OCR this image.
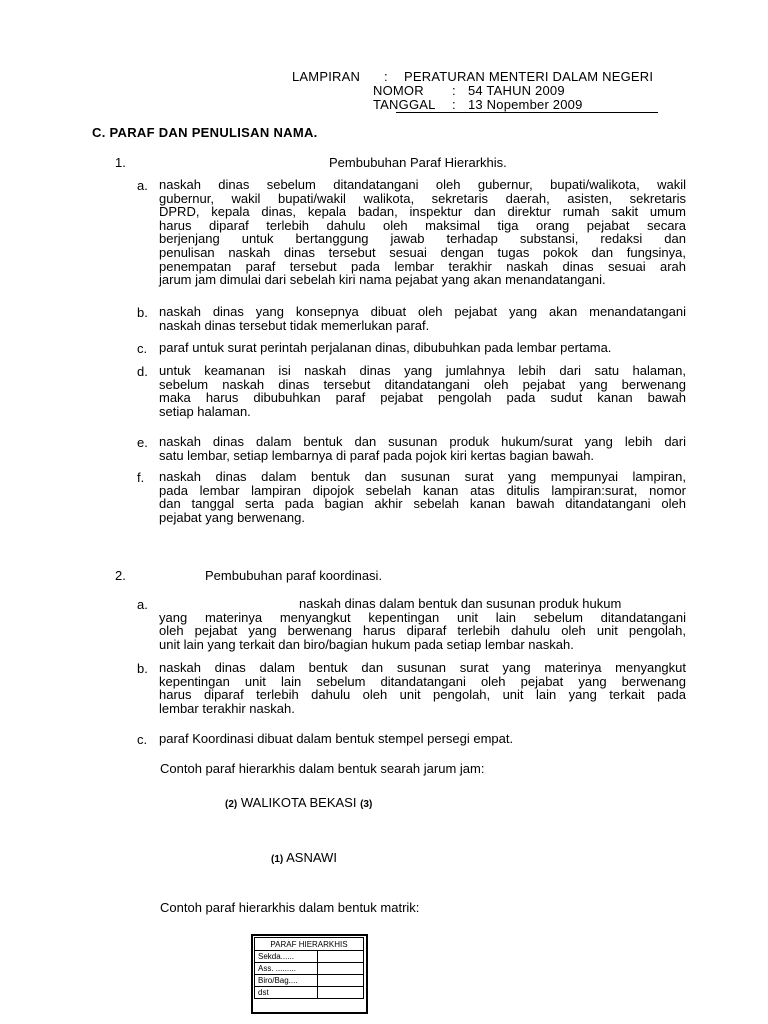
LAMPIRAN : PERATURAN MENTERI DALAM NEGERI
NOMOR : 54 TAHUN 2009
TANGGAL : 13 Nopember 2009
C. PARAF DAN PENULISAN NAMA.
1.	Pembubuhan Paraf Hierarkhis.
a. naskah dinas sebelum ditandatangani oleh gubernur, bupati/walikota, wakil
gubernur, wakil bupati/wakil walikota, sekretaris daerah, asisten, sekretaris
DPRD, kepala dinas, kepala badan, inspektur dan direktur rumah sakit umum
harus diparaf terlebih dahulu oleh maksimal tiga orang pejabat secara
berjenjang untuk bertanggung jawab terhadap substansi, redaksi dan
penulisan naskah dinas tersebut sesuai dengan tugas pokok dan fungsinya,
penempatan paraf tersebut pada lembar terakhir naskah dinas sesuai arah
jarum jam dimulai dari sebelah kiri nama pejabat yang akan menandatangani.
b. naskah dinas yang konsepnya dibuat oleh pejabat yang akan menandatangani
naskah dinas tersebut tidak memerlukan paraf.
c. paraf untuk surat perintah perjalanan dinas, dibubuhkan pada lembar pertama.
d. untuk keamanan isi naskah dinas yang jumlahnya lebih dari satu halaman,
sebelum naskah dinas tersebut ditandatangani oleh pejabat yang berwenang
maka harus dibubuhkan paraf pejabat pengolah pada sudut kanan bawah
setiap halaman.
e. naskah dinas dalam bentuk dan susunan produk hukum/surat yang lebih dari
satu lembar, setiap lembarnya di paraf pada pojok kiri kertas bagian bawah.
f. naskah dinas dalam bentuk dan susunan surat yang mempunyai lampiran,
pada lembar lampiran dipojok sebelah kanan atas ditulis lampiran:surat, nomor
dan tanggal serta pada bagian akhir sebelah kanan bawah ditandatangani oleh
pejabat yang berwenang.
2.	Pembubuhan paraf koordinasi.
a.	naskah dinas dalam bentuk dan susunan produk hukum
yang materinya menyangkut kepentingan unit lain sebelum ditandatangani
oleh pejabat yang berwenang harus diparaf terlebih dahulu oleh unit pengolah,
unit lain yang terkait dan biro/bagian hukum pada setiap lembar naskah.
b. naskah dinas dalam bentuk dan susunan surat yang materinya menyangkut
kepentingan unit lain sebelum ditandatangani oleh pejabat yang berwenang
harus diparaf terlebih dahulu oleh unit pengolah, unit lain yang terkait pada
lembar terakhir naskah.
c. paraf Koordinasi dibuat dalam bentuk stempel persegi empat.
Contoh paraf hierarkhis dalam bentuk searah jarum jam:
(2) WALIKOTA BEKASI (3)
(1) ASNAWI
Contoh paraf hierarkhis dalam bentuk matrik:
PARAF HIERARKHIS	
Sekda......	
Ass. .........	
Biro/Bag....	
dst	
